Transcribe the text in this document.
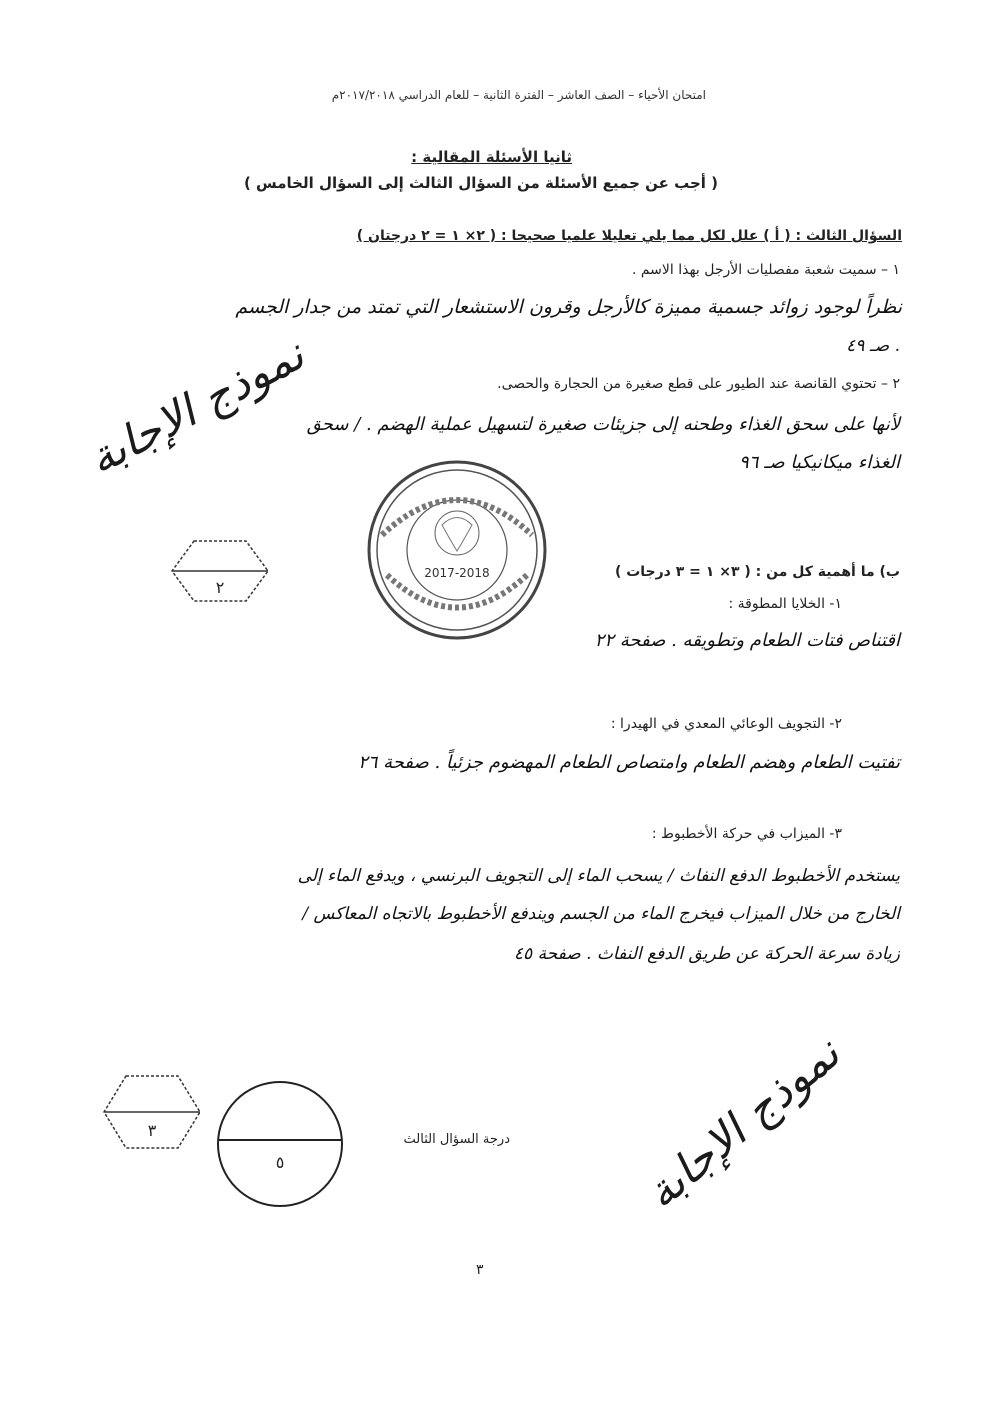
امتحان الأحياء – الصف العاشر – الفترة الثانية – للعام الدراسي ٢٠١٧/٢٠١٨م
ثانيا الأسئلة المقالية :
( أجب عن جميع الأسئلة من السؤال الثالث إلى السؤال الخامس )
السؤال الثالث : ( أ ) علل لكل مما يلي تعليلا علميا صحيحا : ( ٢× ١ = ٢ درجتان )
١ – سميت شعبة مفصليات الأرجل بهذا الاسم .
نظراً لوجود زوائد جسمية مميزة كالأرجل وقرون الاستشعار التي تمتد من جدار الجسم
. صـ ٤٩
٢ – تحتوي القانصة عند الطيور على قطع صغيرة من الحجارة والحصى.
لأنها على سحق الغذاء وطحنه إلى جزيئات صغيرة لتسهيل عملية الهضم . / سحق
الغذاء ميكانيكيا صـ ٩٦
2017-2018
نموذج الإجابة
٢
ب) ما أهمية كل من : ( ٣× ١ = ٣ درجات )
١- الخلايا المطوقة :
اقتناص فتات الطعام وتطويقه . صفحة ٢٢
٢- التجويف الوعائي المعدي في الهيدرا :
تفتيت الطعام وهضم الطعام وامتصاص الطعام المهضوم جزئياً . صفحة ٢٦
٣- الميزاب في حركة الأخطبوط :
يستخدم الأخطبوط الدفع النفاث / يسحب الماء إلى التجويف البرنسي ، ويدفع الماء إلى
الخارج من خلال الميزاب فيخرج الماء من الجسم ويندفع الأخطبوط بالاتجاه المعاكس /
زيادة سرعة الحركة عن طريق الدفع النفاث . صفحة ٤٥
٣
٥
درجة السؤال الثالث	نموذج الإجابة
٣
